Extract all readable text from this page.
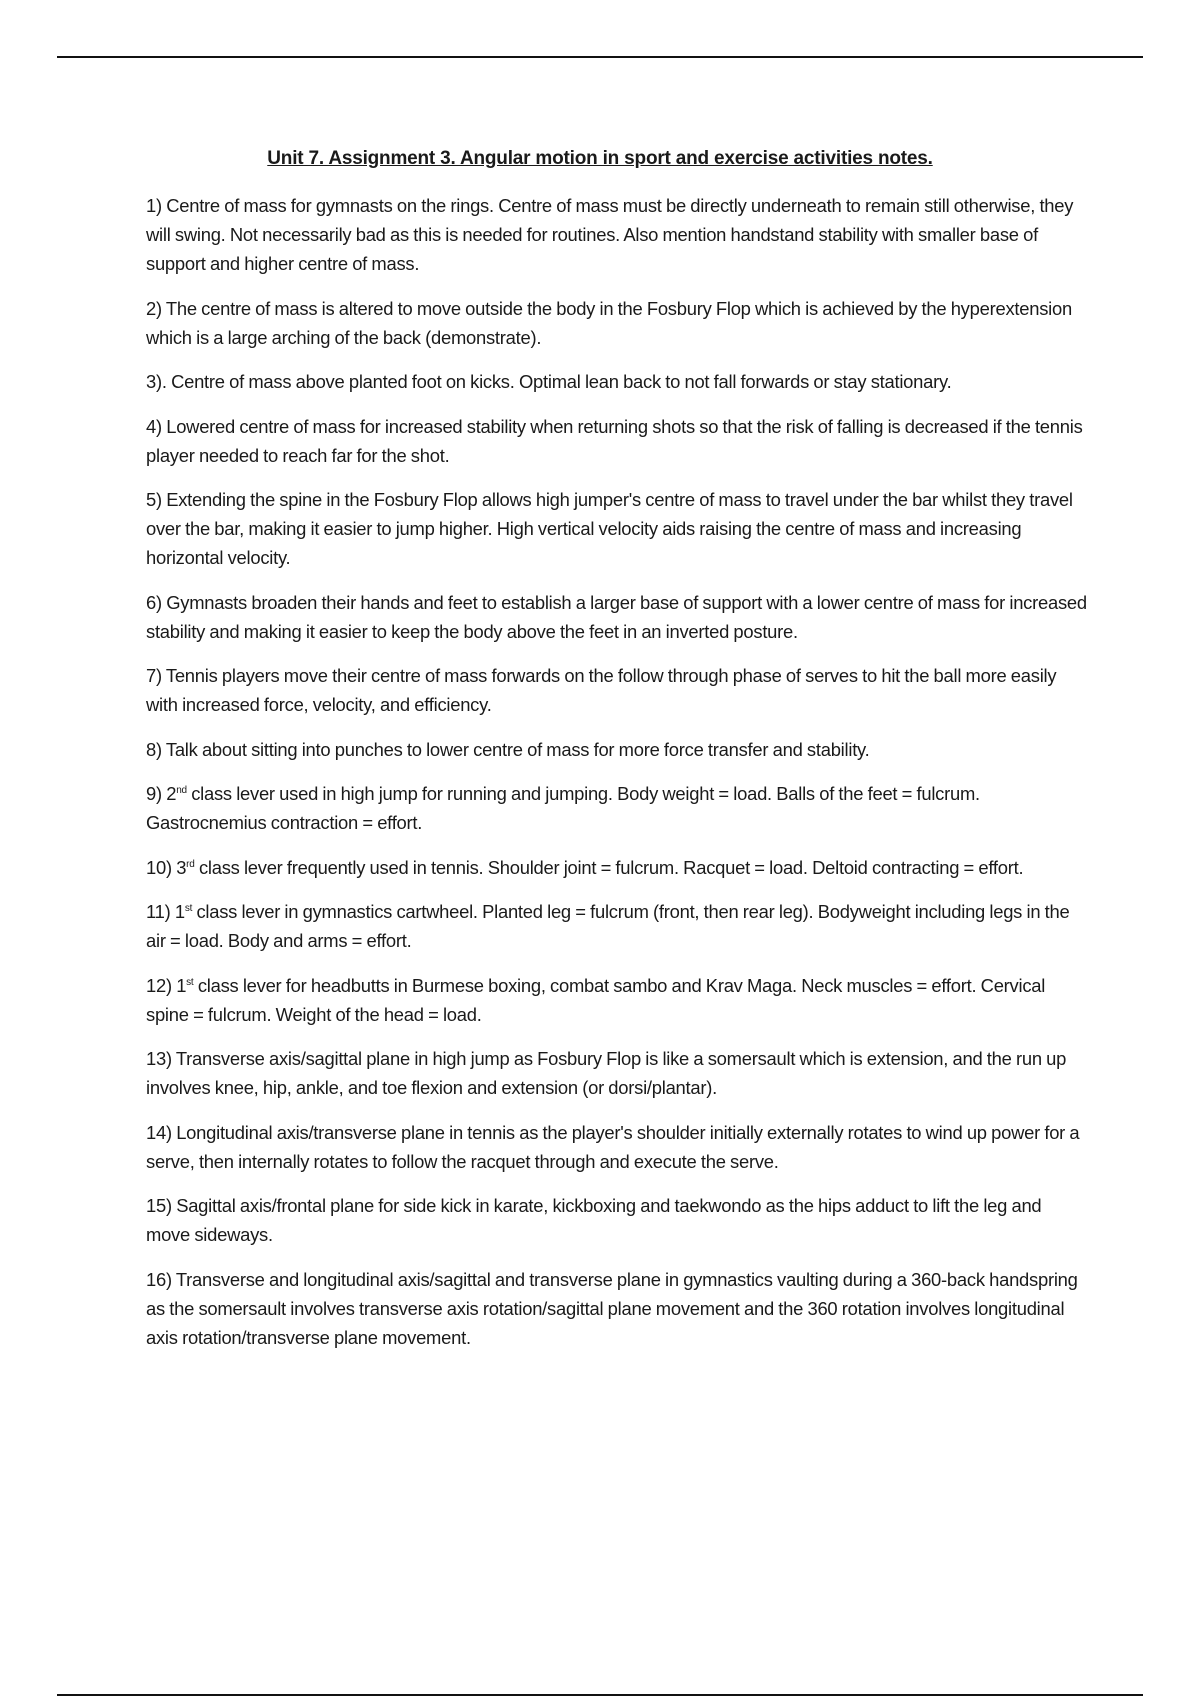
Unit 7. Assignment 3. Angular motion in sport and exercise activities notes.

1) Centre of mass for gymnasts on the rings. Centre of mass must be directly underneath to remain still otherwise, they will swing. Not necessarily bad as this is needed for routines. Also mention handstand stability with smaller base of support and higher centre of mass.

2) The centre of mass is altered to move outside the body in the Fosbury Flop which is achieved by the hyperextension which is a large arching of the back (demonstrate).

3). Centre of mass above planted foot on kicks. Optimal lean back to not fall forwards or stay stationary.

4) Lowered centre of mass for increased stability when returning shots so that the risk of falling is decreased if the tennis player needed to reach far for the shot.

5) Extending the spine in the Fosbury Flop allows high jumper's centre of mass to travel under the bar whilst they travel over the bar, making it easier to jump higher. High vertical velocity aids raising the centre of mass and increasing horizontal velocity.

6) Gymnasts broaden their hands and feet to establish a larger base of support with a lower centre of mass for increased stability and making it easier to keep the body above the feet in an inverted posture.

7) Tennis players move their centre of mass forwards on the follow through phase of serves to hit the ball more easily with increased force, velocity, and efficiency.

8) Talk about sitting into punches to lower centre of mass for more force transfer and stability.

9) 2nd class lever used in high jump for running and jumping. Body weight = load. Balls of the feet = fulcrum. Gastrocnemius contraction = effort.

10) 3rd class lever frequently used in tennis. Shoulder joint = fulcrum. Racquet = load. Deltoid contracting = effort.

11) 1st class lever in gymnastics cartwheel. Planted leg = fulcrum (front, then rear leg). Bodyweight including legs in the air = load. Body and arms = effort.

12) 1st class lever for headbutts in Burmese boxing, combat sambo and Krav Maga. Neck muscles = effort. Cervical spine = fulcrum. Weight of the head = load.

13) Transverse axis/sagittal plane in high jump as Fosbury Flop is like a somersault which is extension, and the run up involves knee, hip, ankle, and toe flexion and extension (or dorsi/plantar).

14) Longitudinal axis/transverse plane in tennis as the player's shoulder initially externally rotates to wind up power for a serve, then internally rotates to follow the racquet through and execute the serve.

15) Sagittal axis/frontal plane for side kick in karate, kickboxing and taekwondo as the hips adduct to lift the leg and move sideways.

16) Transverse and longitudinal axis/sagittal and transverse plane in gymnastics vaulting during a 360-back handspring as the somersault involves transverse axis rotation/sagittal plane movement and the 360 rotation involves longitudinal axis rotation/transverse plane movement.
